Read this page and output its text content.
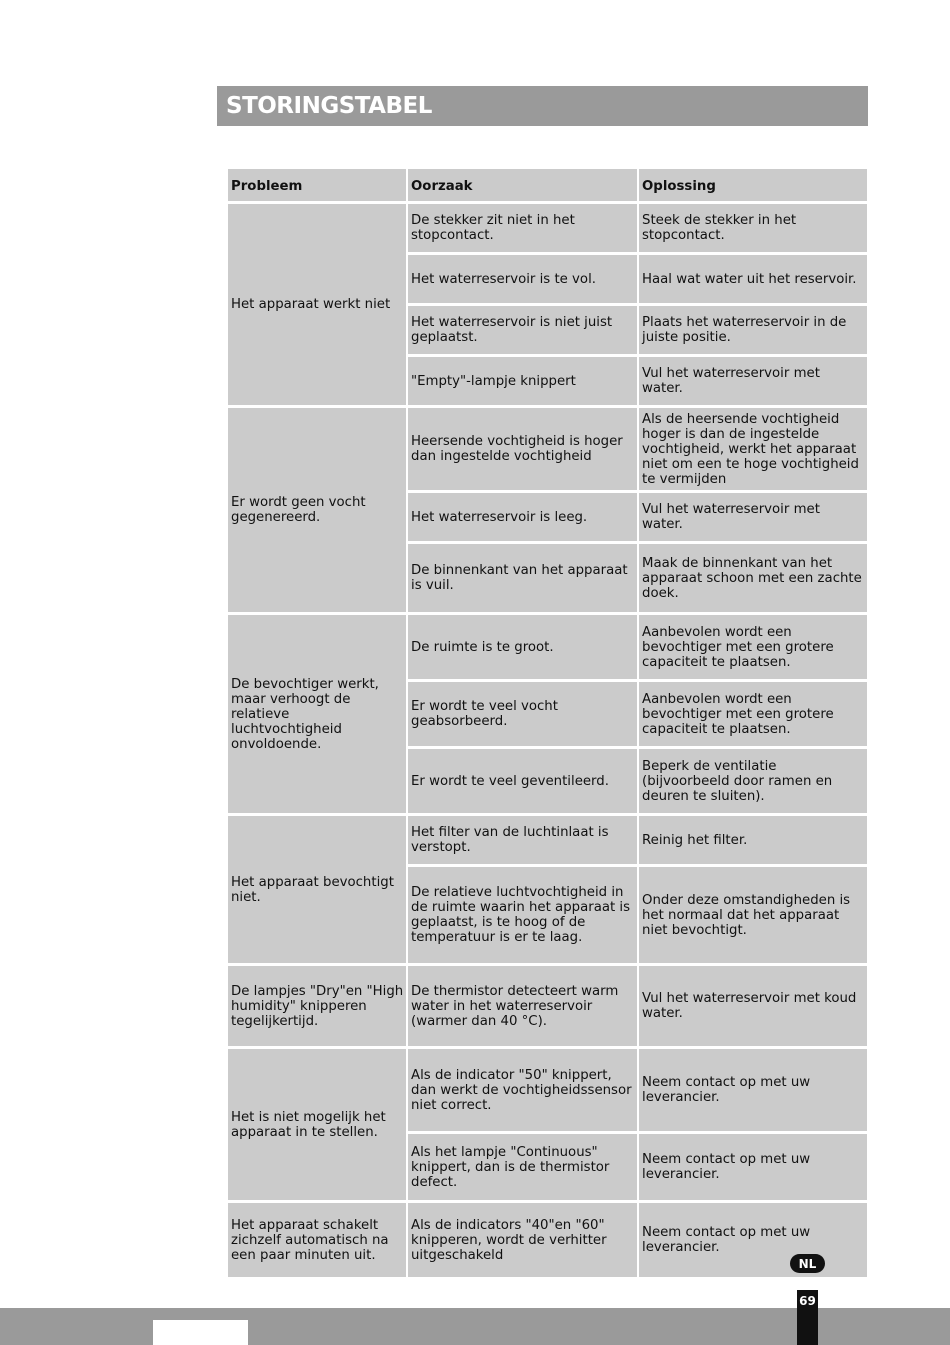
STORINGSTABEL
Probleem	Oorzaak	Oplossing
Het apparaat werkt niet	De stekker zit niet in het stopcontact.	Steek de stekker in het stopcontact.
	Het waterreservoir is te vol.	Haal wat water uit het reservoir.
	Het waterreservoir is niet juist geplaatst.	Plaats het waterreservoir in de juiste positie.
	"Empty"-lampje knippert	Vul het waterreservoir met water.
Er wordt geen vocht gegenereerd.	Heersende vochtigheid is hoger dan ingestelde vochtigheid	Als de heersende vochtigheid hoger is dan de ingestelde vochtigheid, werkt het apparaat niet om een te hoge vochtigheid te vermijden
	Het waterreservoir is leeg.	Vul het waterreservoir met water.
	De binnenkant van het apparaat is vuil.	Maak de binnenkant van het apparaat schoon met een zachte doek.
De bevochtiger werkt, maar verhoogt de relatieve luchtvochtigheid onvoldoende.	De ruimte is te groot.	Aanbevolen wordt een bevochtiger met een grotere capaciteit te plaatsen.
	Er wordt te veel vocht geabsorbeerd.	Aanbevolen wordt een bevochtiger met een grotere capaciteit te plaatsen.
	Er wordt te veel geventileerd.	Beperk de ventilatie (bijvoorbeeld door ramen en deuren te sluiten).
Het apparaat bevochtigt niet.	Het filter van de luchtinlaat is verstopt.	Reinig het filter.
	De relatieve luchtvochtigheid in de ruimte waarin het apparaat is geplaatst, is te hoog of de temperatuur is er te laag.	Onder deze omstandigheden is het normaal dat het apparaat niet bevochtigt.
De lampjes "Dry"en "High humidity" knipperen tegelijkertijd.	De thermistor detecteert warm water in het waterreservoir (warmer dan 40 °C).	Vul het waterreservoir met koud water.
Het is niet mogelijk het apparaat in te stellen.	Als de indicator "50" knippert, dan werkt de vochtigheidssensor niet correct.	Neem contact op met uw leverancier.
	Als het lampje "Continuous" knippert, dan is de thermistor defect.	Neem contact op met uw leverancier.
Het apparaat schakelt zichzelf automatisch na een paar minuten uit.	Als de indicators "40"en "60" knipperen, wordt de verhitter uitgeschakeld	Neem contact op met uw leverancier.
NL
69
